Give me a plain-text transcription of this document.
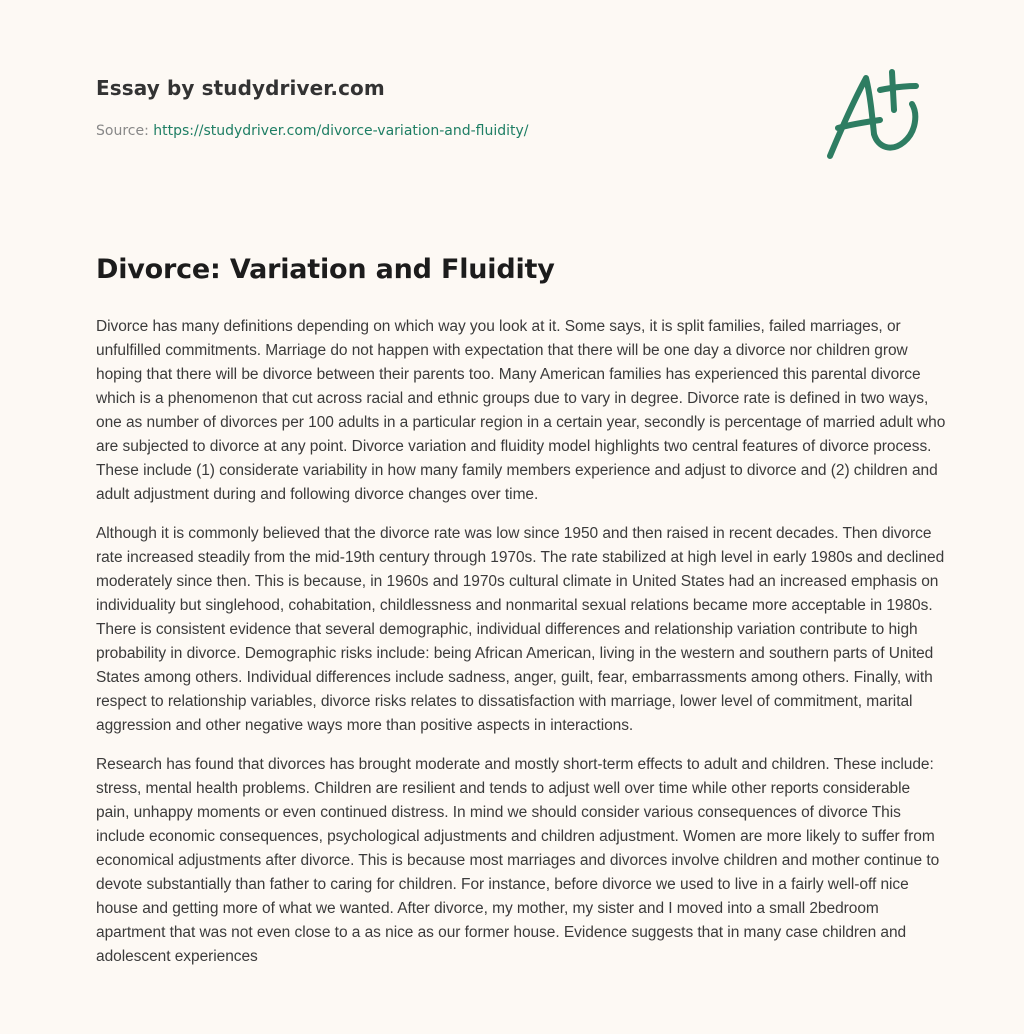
Essay by studydriver.com
Source: https://studydriver.com/divorce-variation-and-fluidity/
Divorce: Variation and Fluidity

Divorce has many definitions depending on which way you look at it. Some says, it is split families, failed marriages, or unfulfilled commitments. Marriage do not happen with expectation that there will be one day a divorce nor children grow hoping that there will be divorce between their parents too. Many American families has experienced this parental divorce which is a phenomenon that cut across racial and ethnic groups due to vary in degree. Divorce rate is defined in two ways, one as number of divorces per 100 adults in a particular region in a certain year, secondly is percentage of married adult who are subjected to divorce at any point. Divorce variation and fluidity model highlights two central features of divorce process. These include (1) considerate variability in how many family members experience and adjust to divorce and (2) children and adult adjustment during and following divorce changes over time.

Although it is commonly believed that the divorce rate was low since 1950 and then raised in recent decades. Then divorce rate increased steadily from the mid-19th century through 1970s. The rate stabilized at high level in early 1980s and declined moderately since then. This is because, in 1960s and 1970s cultural climate in United States had an increased emphasis on individuality but singlehood, cohabitation, childlessness and nonmarital sexual relations became more acceptable in 1980s. There is consistent evidence that several demographic, individual differences and relationship variation contribute to high probability in divorce. Demographic risks include: being African American, living in the western and southern parts of United States among others. Individual differences include sadness, anger, guilt, fear, embarrassments among others. Finally, with respect to relationship variables, divorce risks relates to dissatisfaction with marriage, lower level of commitment, marital aggression and other negative ways more than positive aspects in interactions.

Research has found that divorces has brought moderate and mostly short-term effects to adult and children. These include: stress, mental health problems. Children are resilient and tends to adjust well over time while other reports considerable pain, unhappy moments or even continued distress. In mind we should consider various consequences of divorce This include economic consequences, psychological adjustments and children adjustment. Women are more likely to suffer from economical adjustments after divorce. This is because most marriages and divorces involve children and mother continue to devote substantially than father to caring for children. For instance, before divorce we used to live in a fairly well-off nice house and getting more of what we wanted. After divorce, my mother, my sister and I moved into a small 2bedroom apartment that was not even close to a as nice as our former house. Evidence suggests that in many case children and adolescent experiences
